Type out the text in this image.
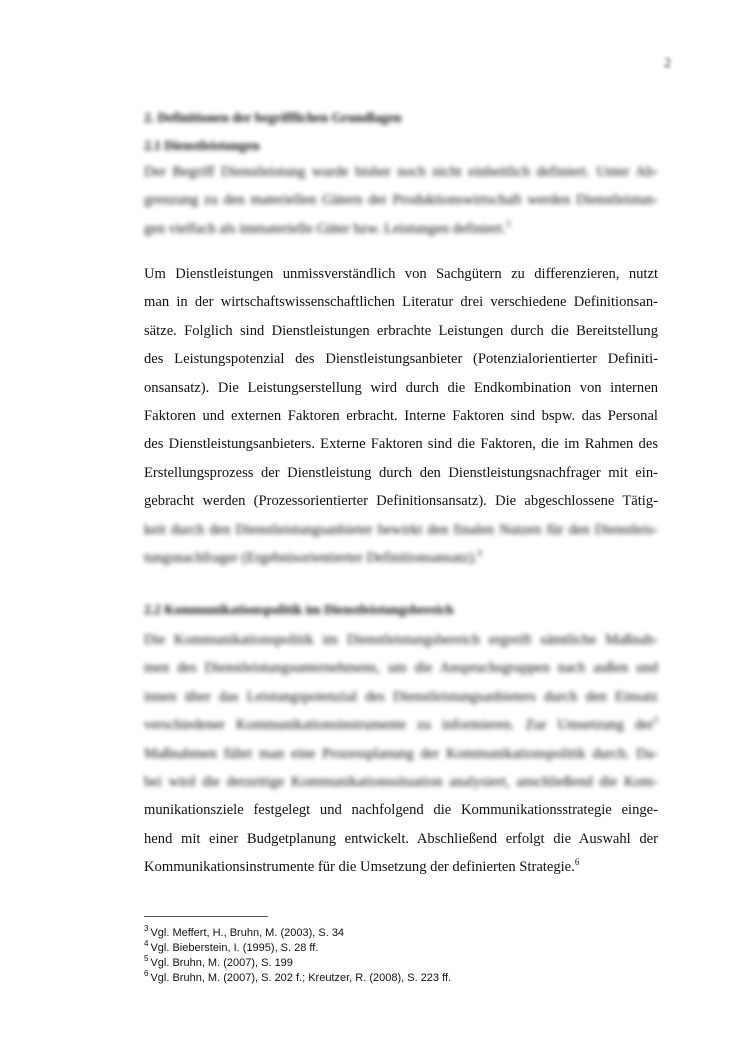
2
2. Definitionen der begrifflichen Grundlagen
2.1 Dienstleistungen
Der Begriff Dienstleistung wurde bisher noch nicht einheitlich definiert. Unter Ab-
grenzung zu den materiellen Gütern der Produktionswirtschaft werden Dienstleistun-
gen vielfach als immaterielle Güter bzw. Leistungen definiert.$^3$
Um Dienstleistungen unmissverständlich von Sachgütern zu differenzieren, nutzt
man in der wirtschaftswissenschaftlichen Literatur drei verschiedene Definitionsan-
sätze. Folglich sind Dienstleistungen erbrachte Leistungen durch die Bereitstellung
des Leistungspotenzial des Dienstleistungsanbieter (Potenzialorientierter Definiti-
onsansatz). Die Leistungserstellung wird durch die Endkombination von internen
Faktoren und externen Faktoren erbracht. Interne Faktoren sind bspw. das Personal
des Dienstleistungsanbieters. Externe Faktoren sind die Faktoren, die im Rahmen des
Erstellungsprozess der Dienstleistung durch den Dienstleistungsnachfrager mit ein-
gebracht werden (Prozessorientierter Definitionsansatz). Die abgeschlossene Tätig-
keit durch den Dienstleistungsanbieter bewirkt den finalen Nutzen für den Dienstleis-
tungsnachfrager (Ergebnisorientierter Definitionsansatz).$^4$
2.2 Kommunikationspolitik im Dienstleistungsbereich
Die Kommunikationspolitik im Dienstleistungsbereich ergreift sämtliche Maßnah-
men des Dienstleistungsunternehmens, um die Anspruchsgruppen nach außen und
innen über das Leistungspotenzial des Dienstleistungsanbieters durch den Einsatz
verschiedener Kommunikationsinstrumente zu informieren. Zur Umsetzung der$^5$
Maßnahmen führt man eine Prozessplanung der Kommunikationspolitik durch. Da-
bei wird die derzeitige Kommunikationssituation analysiert, anschließend die Kom-
munikationsziele festgelegt und nachfolgend die Kommunikationsstrategie einge-
hend mit einer Budgetplanung entwickelt. Abschließend erfolgt die Auswahl der
Kommunikationsinstrumente für die Umsetzung der definierten Strategie.$^6$
$^3$ Vgl. Meffert, H., Bruhn, M. (2003), S. 34
$^4$ Vgl. Bieberstein, I. (1995), S. 28 ff.
$^5$ Vgl. Bruhn, M. (2007), S. 199
$^6$ Vgl. Bruhn, M. (2007), S. 202 f.; Kreutzer, R. (2008), S. 223 ff.
